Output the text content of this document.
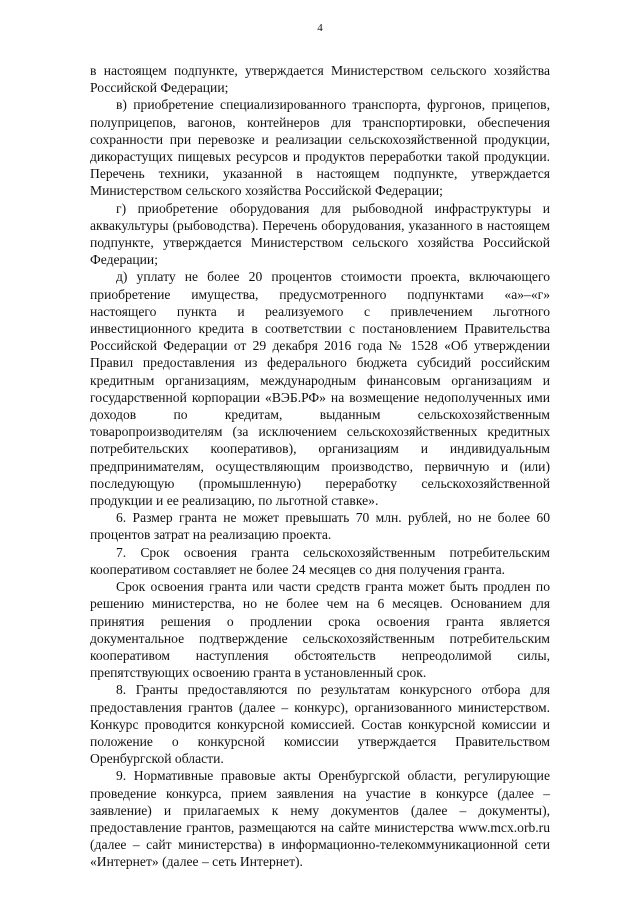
4

в настоящем подпункте, утверждается Министерством сельского хозяйства Российской Федерации;

в) приобретение специализированного транспорта, фургонов, прицепов, полуприцепов, вагонов, контейнеров для транспортировки, обеспечения сохранности при перевозке и реализации сельскохозяйственной продукции, дикорастущих пищевых ресурсов и продуктов переработки такой продукции. Перечень техники, указанной в настоящем подпункте, утверждается Министерством сельского хозяйства Российской Федерации;

г) приобретение оборудования для рыбоводной инфраструктуры и аквакультуры (рыбоводства). Перечень оборудования, указанного в настоящем подпункте, утверждается Министерством сельского хозяйства Российской Федерации;

д) уплату не более 20 процентов стоимости проекта, включающего приобретение имущества, предусмотренного подпунктами «а»–«г» настоящего пункта и реализуемого с привлечением льготного инвестиционного кредита в соответствии с постановлением Правительства Российской Федерации от 29 декабря 2016 года № 1528 «Об утверждении Правил предоставления из федерального бюджета субсидий российским кредитным организациям, международным финансовым организациям и государственной корпорации «ВЭБ.РФ» на возмещение недополученных ими доходов по кредитам, выданным сельскохозяйственным товаропроизводителям (за исключением сельскохозяйственных кредитных потребительских кооперативов), организациям и индивидуальным предпринимателям, осуществляющим производство, первичную и (или) последующую (промышленную) переработку сельскохозяйственной продукции и ее реализацию, по льготной ставке».

6. Размер гранта не может превышать 70 млн. рублей, но не более 60 процентов затрат на реализацию проекта.

7. Срок освоения гранта сельскохозяйственным потребительским кооперативом составляет не более 24 месяцев со дня получения гранта.

Срок освоения гранта или части средств гранта может быть продлен по решению министерства, но не более чем на 6 месяцев. Основанием для принятия решения о продлении срока освоения гранта является документальное подтверждение сельскохозяйственным потребительским кооперативом наступления обстоятельств непреодолимой силы, препятствующих освоению гранта в установленный срок.

8. Гранты предоставляются по результатам конкурсного отбора для предоставления грантов (далее – конкурс), организованного министерством. Конкурс проводится конкурсной комиссией. Состав конкурсной комиссии и положение о конкурсной комиссии утверждается Правительством Оренбургской области.

9. Нормативные правовые акты Оренбургской области, регулирующие проведение конкурса, прием заявления на участие в конкурсе (далее – заявление) и прилагаемых к нему документов (далее – документы), предоставление грантов, размещаются на сайте министерства www.mcx.orb.ru (далее – сайт министерства) в информационно-телекоммуникационной сети «Интернет» (далее – сеть Интернет).
